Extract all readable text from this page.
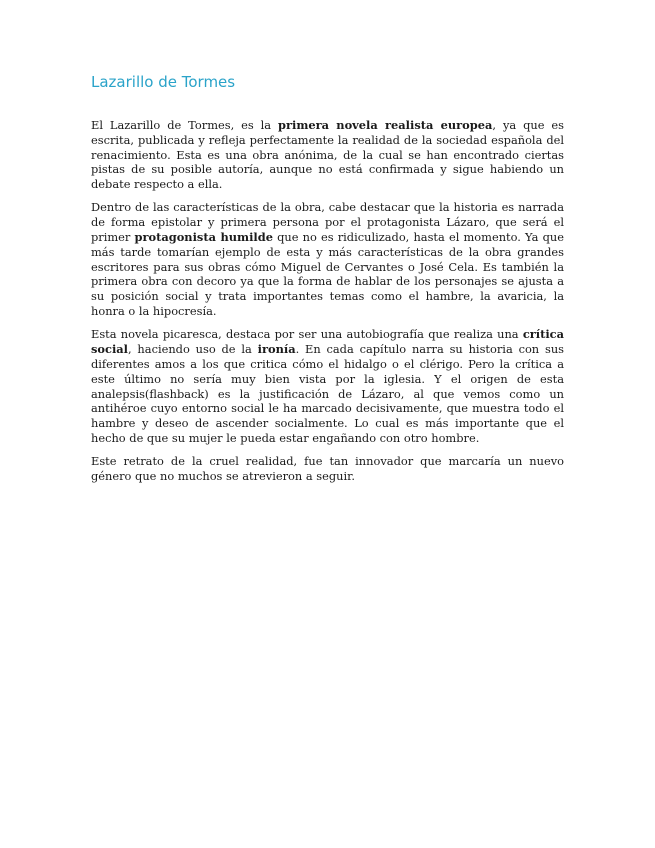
Lazarillo de Tormes

El Lazarillo de Tormes, es la primera novela realista europea, ya que es escrita, publicada y refleja perfectamente la realidad de la sociedad española del renacimiento. Esta es una obra anónima, de la cual se han encontrado ciertas pistas de su posible autoría, aunque no está confirmada y sigue habiendo un debate respecto a ella.

Dentro de las características de la obra, cabe destacar que la historia es narrada de forma epistolar y primera persona por el protagonista Lázaro, que será el primer protagonista humilde que no es ridiculizado, hasta el momento. Ya que más tarde tomarían ejemplo de esta y más características de la obra grandes escritores para sus obras cómo Miguel de Cervantes o José Cela. Es también la primera obra con decoro ya que la forma de hablar de los personajes se ajusta a su posición social y trata importantes temas como el hambre, la avaricia, la honra o la hipocresía.

Esta novela picaresca, destaca por ser una autobiografía que realiza una crítica social, haciendo uso de la ironía. En cada capítulo narra su historia con sus diferentes amos a los que critica cómo el hidalgo o el clérigo. Pero la crítica a este último no sería muy bien vista por la iglesia. Y el origen de esta analepsis(flashback) es la justificación de Lázaro, al que vemos como un antihéroe cuyo entorno social le ha marcado decisivamente, que muestra todo el hambre y deseo de ascender socialmente. Lo cual es más importante que el hecho de que su mujer le pueda estar engañando con otro hombre.

Este retrato de la cruel realidad, fue tan innovador que marcaría un nuevo género que no muchos se atrevieron a seguir.
